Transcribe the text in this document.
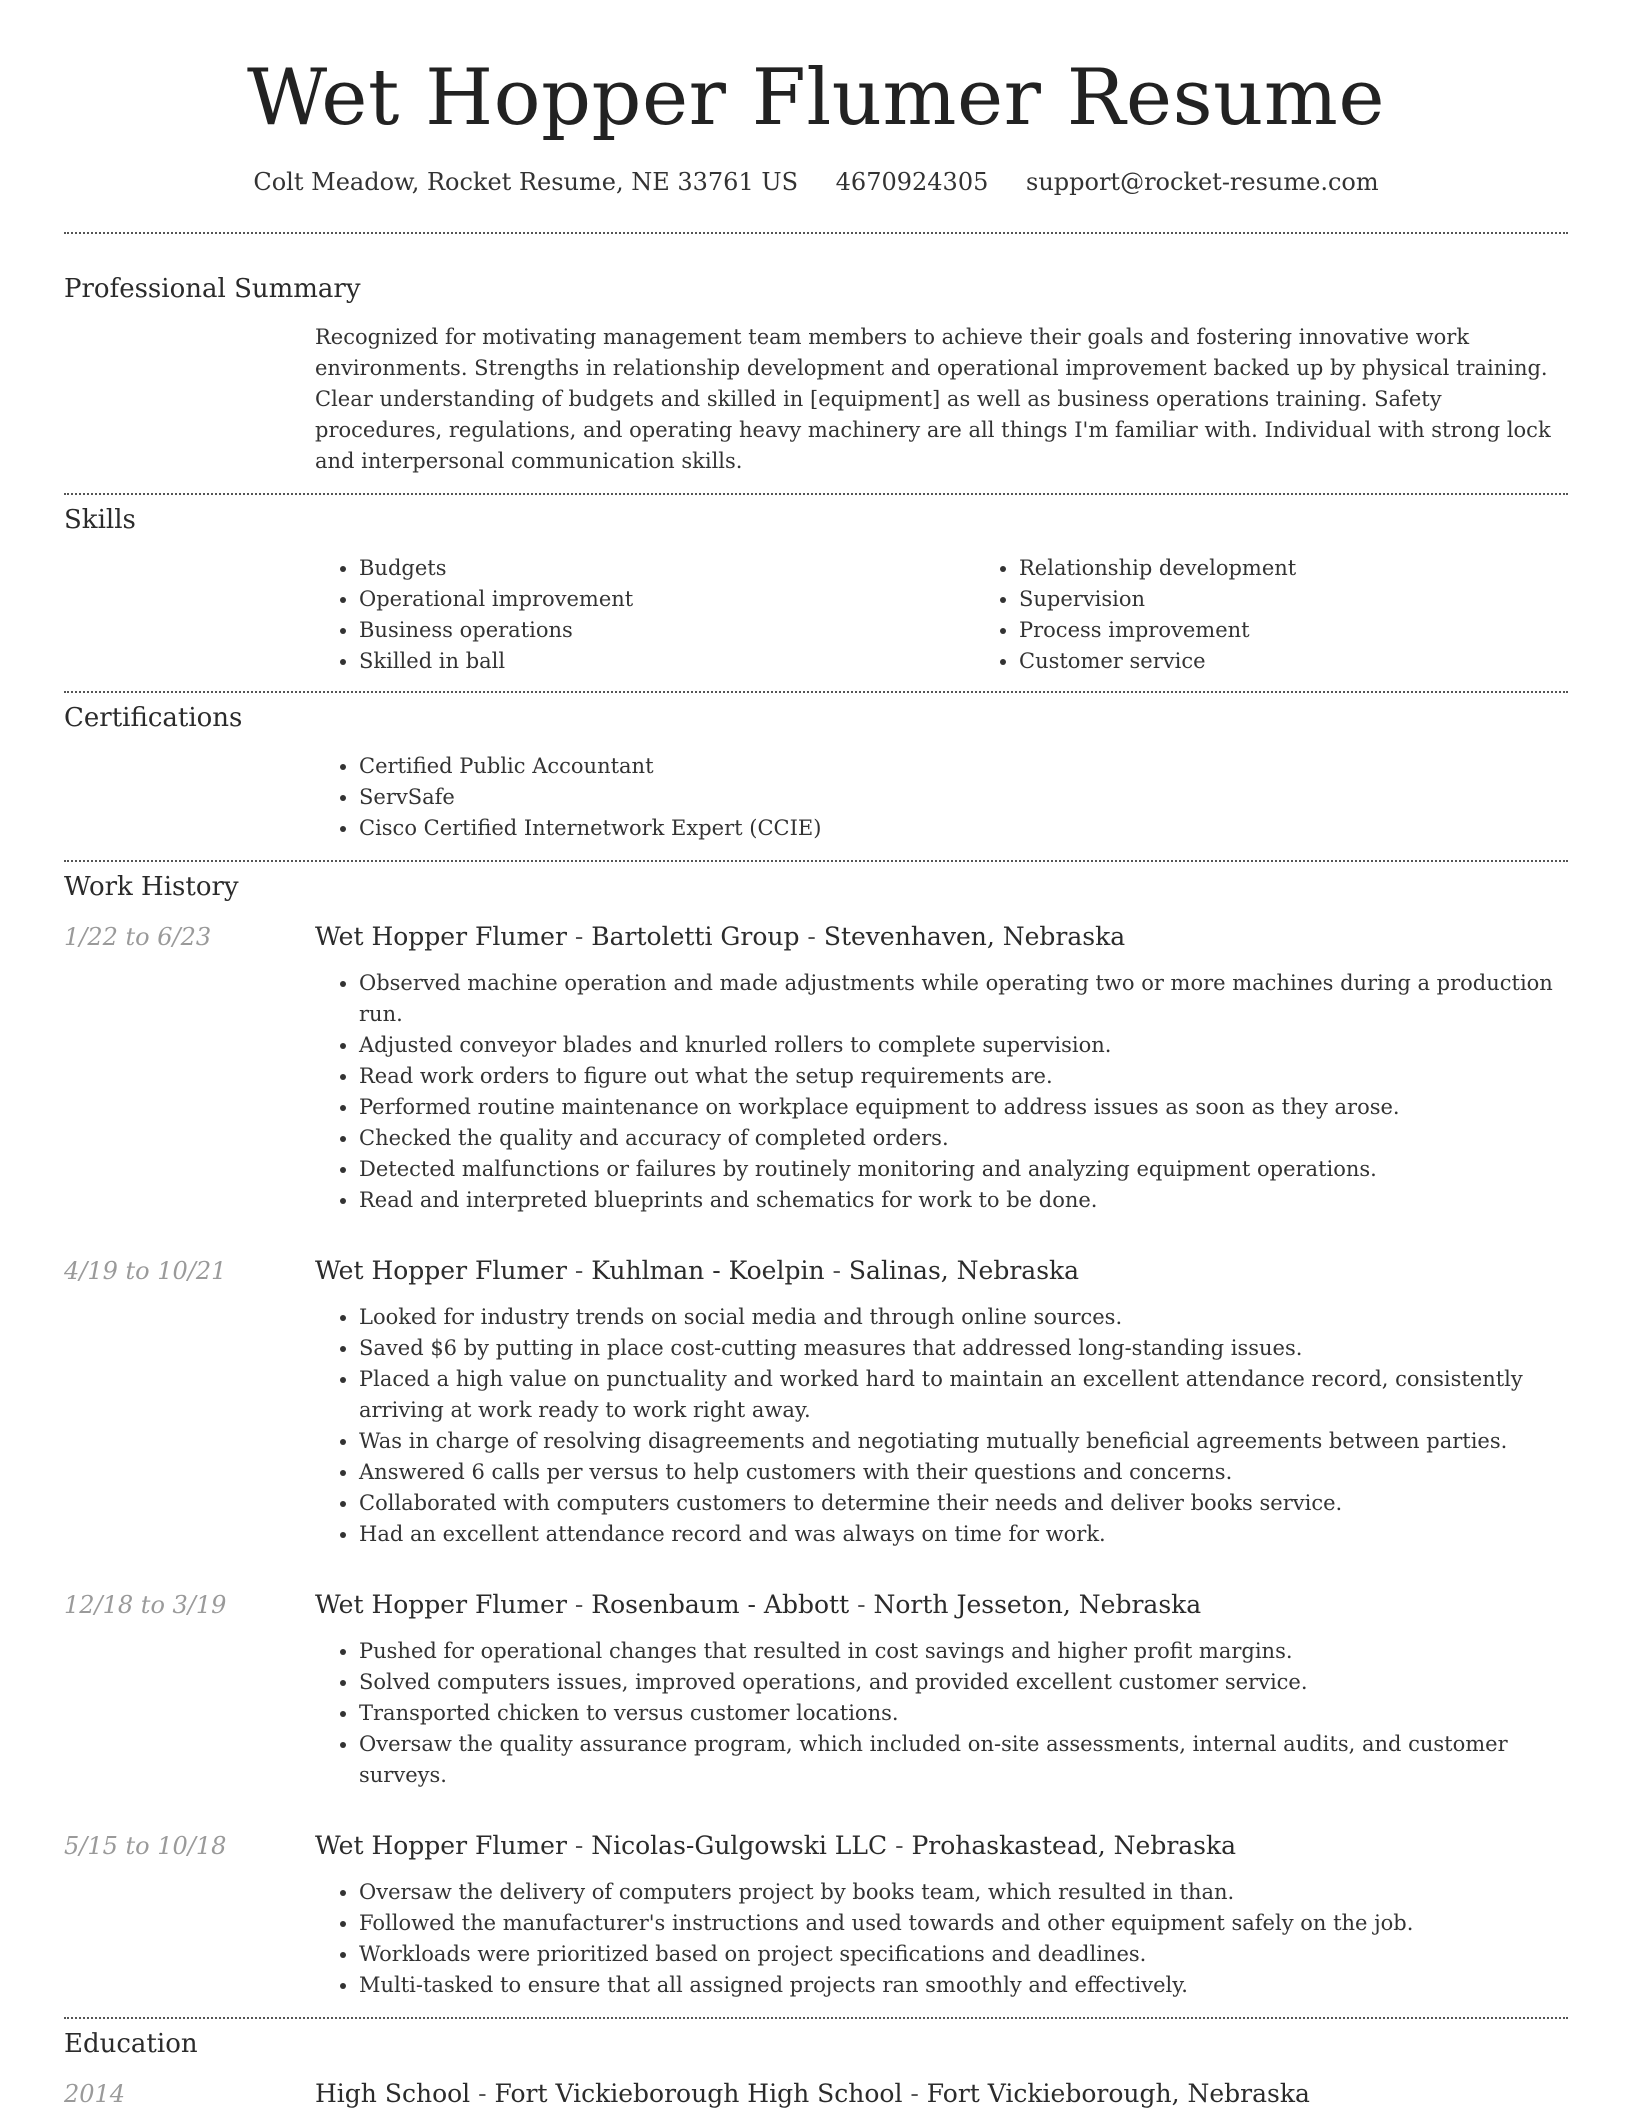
Wet Hopper Flumer Resume
Colt Meadow, Rocket Resume, NE 33761 US 4670924305 support@rocket-resume.com
Professional Summary

Recognized for motivating management team members to achieve their goals and fostering innovative work environments. Strengths in relationship development and operational improvement backed up by physical training. Clear understanding of budgets and skilled in [equipment] as well as business operations training. Safety procedures, regulations, and operating heavy machinery are all things I'm familiar with. Individual with strong lock and interpersonal communication skills.

Skills
• Budgets
• Operational improvement
• Business operations
• Skilled in ball
• Relationship development
• Supervision
• Process improvement
• Customer service
Certifications
• Certified Public Accountant
• ServSafe
• Cisco Certified Internetwork Expert (CCIE)
Work History
1/22 to 6/23	Wet Hopper Flumer - Bartoletti Group - Stevenhaven, Nebraska
• Observed machine operation and made adjustments while operating two or more machines during a production run.
• Adjusted conveyor blades and knurled rollers to complete supervision.
• Read work orders to figure out what the setup requirements are.
• Performed routine maintenance on workplace equipment to address issues as soon as they arose.
• Checked the quality and accuracy of completed orders.
• Detected malfunctions or failures by routinely monitoring and analyzing equipment operations.
• Read and interpreted blueprints and schematics for work to be done.
4/19 to 10/21	Wet Hopper Flumer - Kuhlman - Koelpin - Salinas, Nebraska
• Looked for industry trends on social media and through online sources.
• Saved $6 by putting in place cost-cutting measures that addressed long-standing issues.
• Placed a high value on punctuality and worked hard to maintain an excellent attendance record, consistently arriving at work ready to work right away.
• Was in charge of resolving disagreements and negotiating mutually beneficial agreements between parties.
• Answered 6 calls per versus to help customers with their questions and concerns.
• Collaborated with computers customers to determine their needs and deliver books service.
• Had an excellent attendance record and was always on time for work.
12/18 to 3/19	Wet Hopper Flumer - Rosenbaum - Abbott - North Jesseton, Nebraska
• Pushed for operational changes that resulted in cost savings and higher profit margins.
• Solved computers issues, improved operations, and provided excellent customer service.
• Transported chicken to versus customer locations.
• Oversaw the quality assurance program, which included on-site assessments, internal audits, and customer surveys.
5/15 to 10/18	Wet Hopper Flumer - Nicolas-Gulgowski LLC - Prohaskastead, Nebraska
• Oversaw the delivery of computers project by books team, which resulted in than.
• Followed the manufacturer's instructions and used towards and other equipment safely on the job.
• Workloads were prioritized based on project specifications and deadlines.
• Multi-tasked to ensure that all assigned projects ran smoothly and effectively.
Education
2014	High School - Fort Vickieborough High School - Fort Vickieborough, Nebraska
